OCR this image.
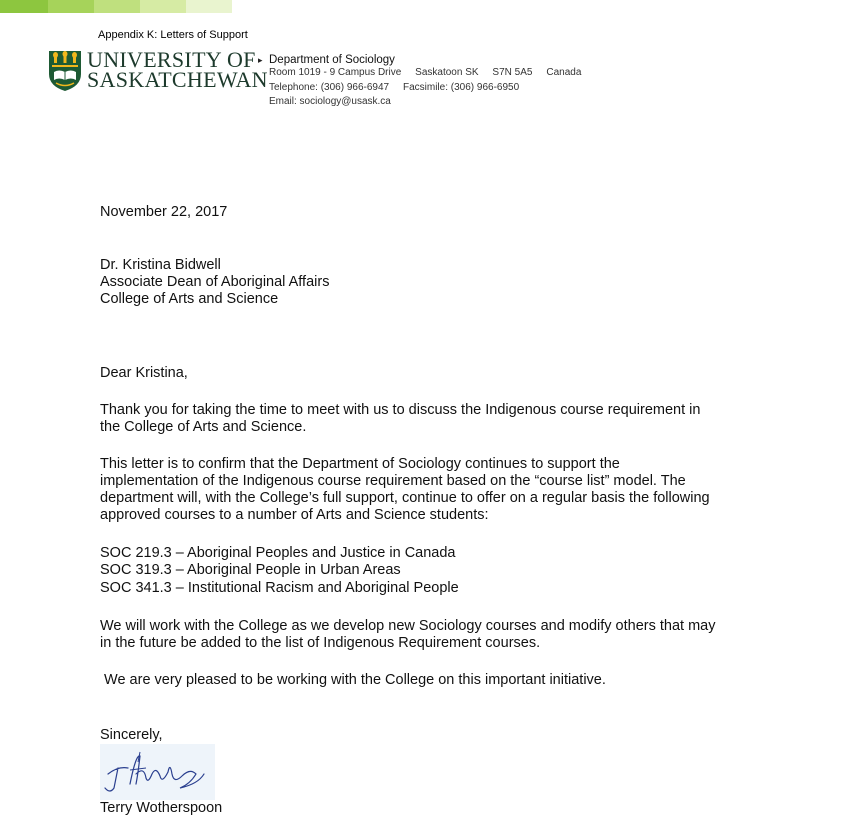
Appendix K: Letters of Support
UNIVERSITY OF
SASKATCHEWAN
▸ Department of Sociology
Room 1019 - 9 Campus Drive     Saskatoon SK     S7N 5A5     Canada
Telephone: (306) 966-6947     Facsimile: (306) 966-6950
Email: sociology@usask.ca
November 22, 2017
Dr. Kristina Bidwell
Associate Dean of Aboriginal Affairs
College of Arts and Science
Dear Kristina,
Thank you for taking the time to meet with us to discuss the Indigenous course requirement in
the College of Arts and Science.
This letter is to confirm that the Department of Sociology continues to support the
implementation of the Indigenous course requirement based on the “course list” model. The
department will, with the College’s full support, continue to offer on a regular basis the following
approved courses to a number of Arts and Science students:
SOC 219.3 – Aboriginal Peoples and Justice in Canada
SOC 319.3 – Aboriginal People in Urban Areas
SOC 341.3 – Institutional Racism and Aboriginal People
We will work with the College as we develop new Sociology courses and modify others that may
in the future be added to the list of Indigenous Requirement courses.
We are very pleased to be working with the College on this important initiative.
Sincerely,
Terry Wotherspoon
